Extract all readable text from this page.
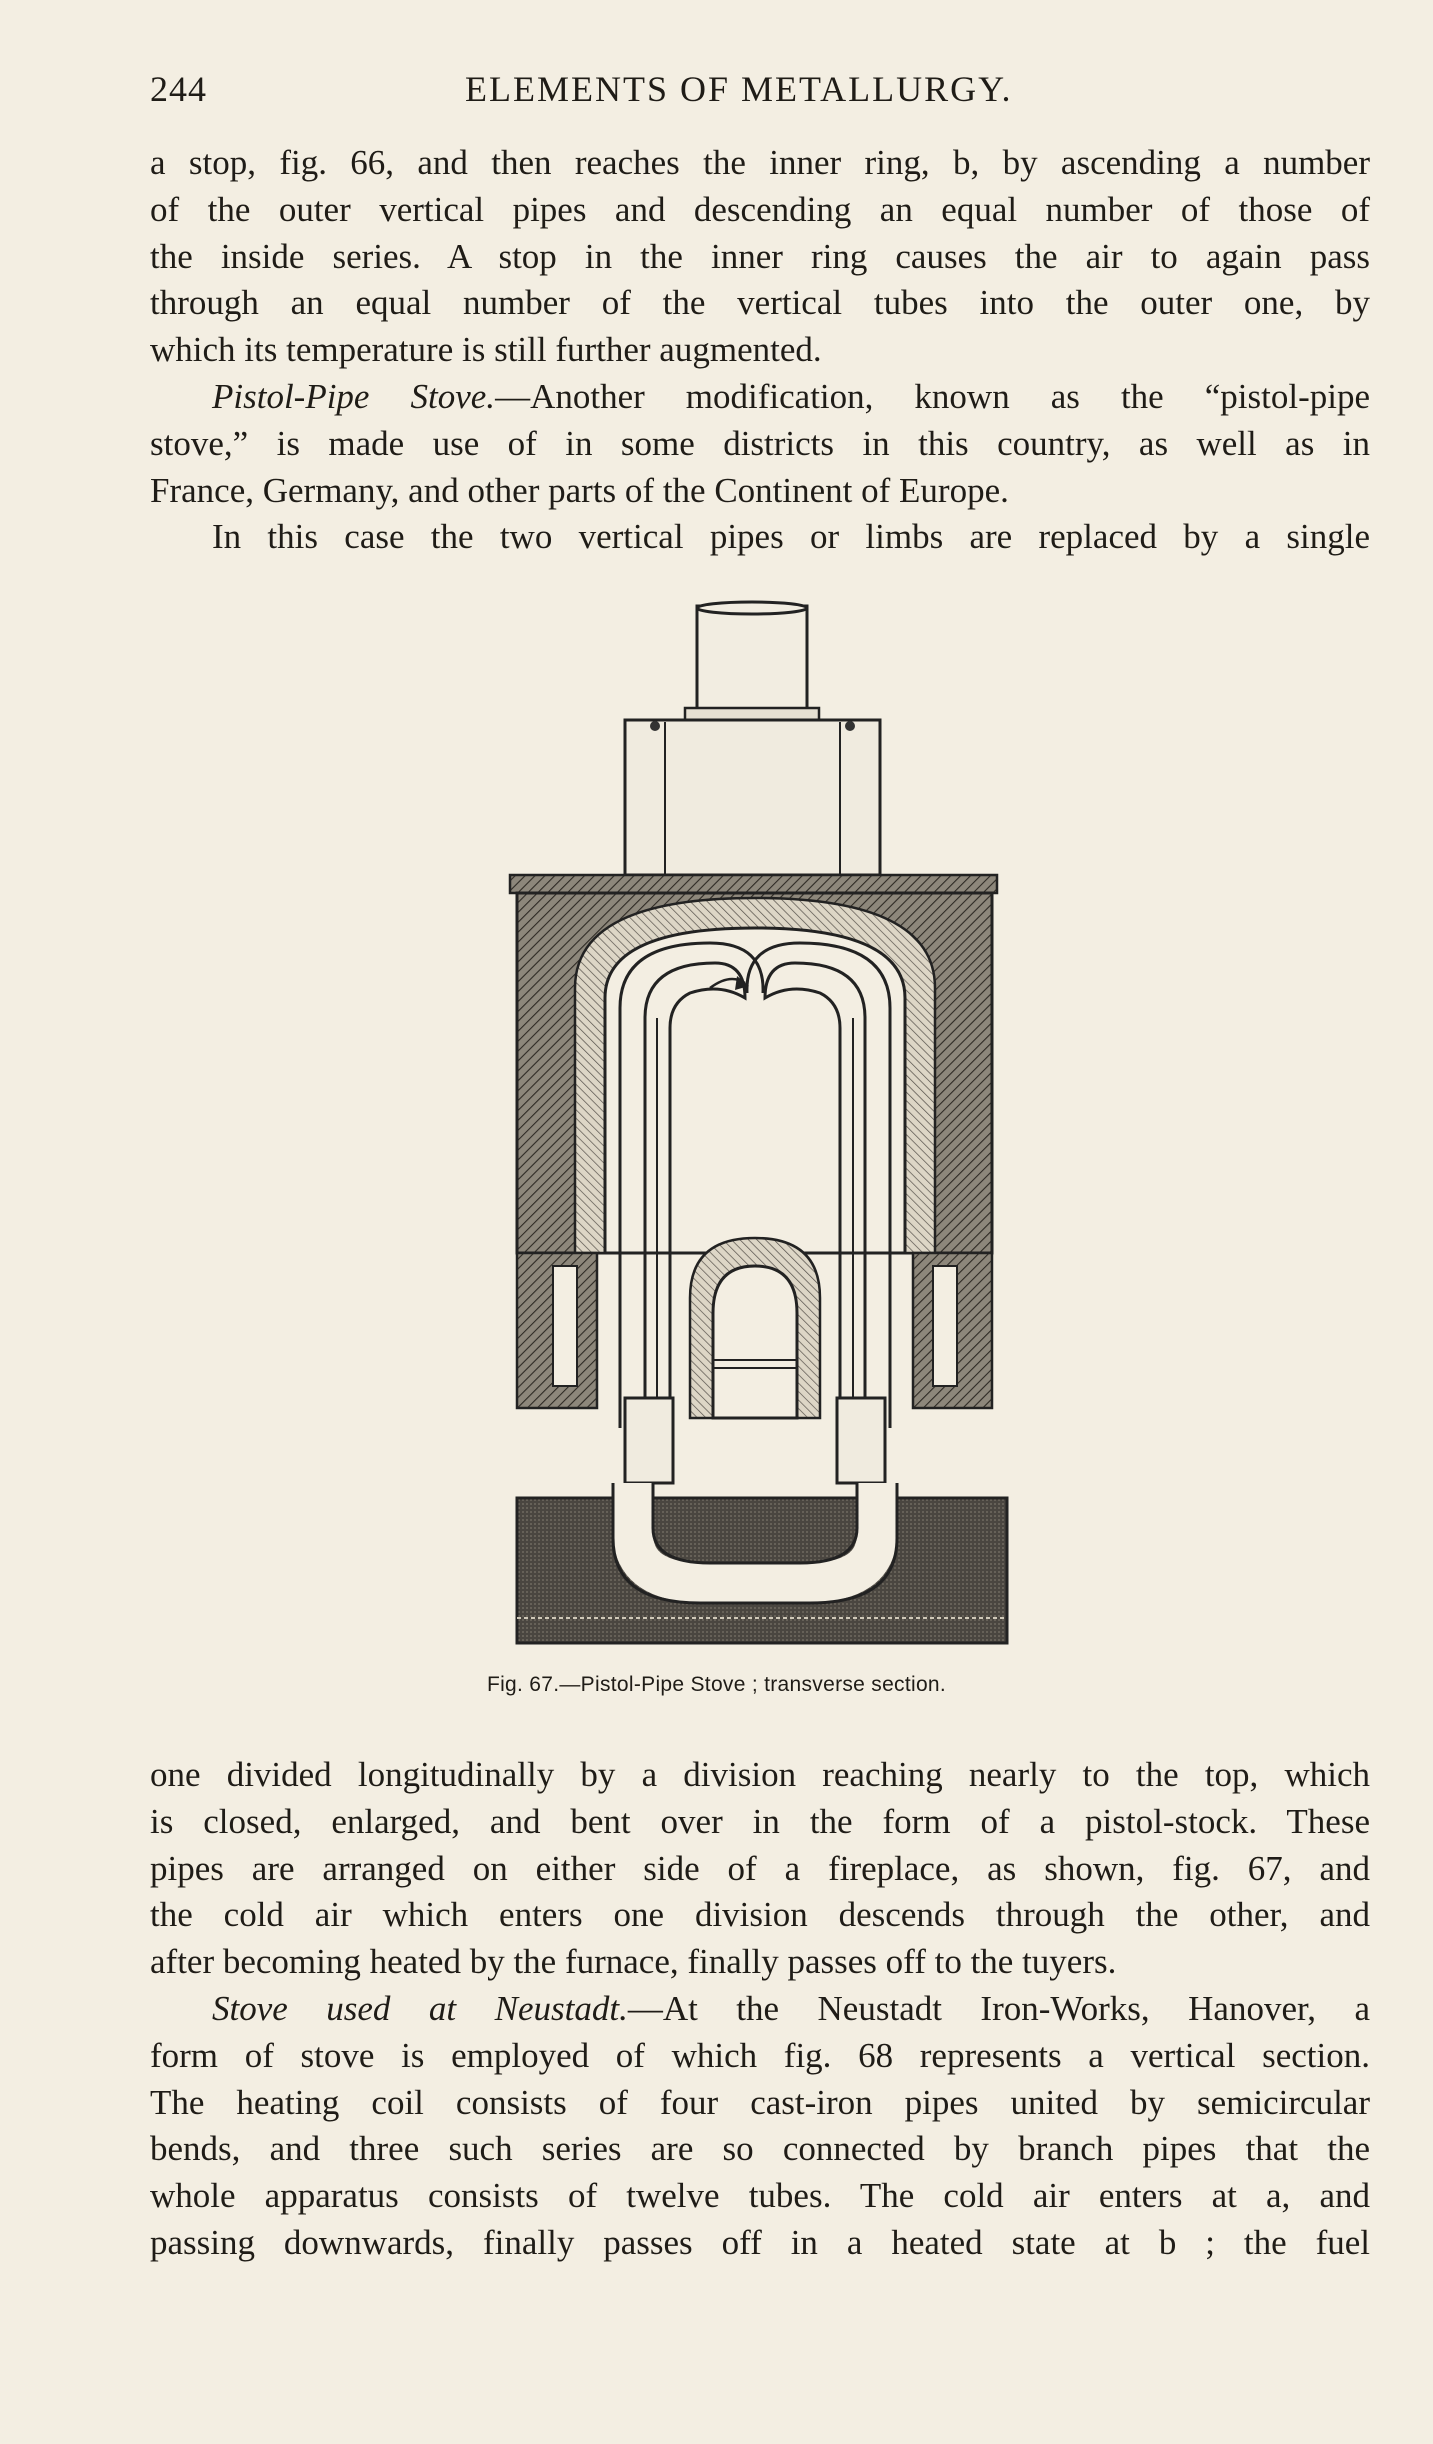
244	ELEMENTS OF METALLURGY.
a stop, fig. 66, and then reaches the inner ring, b, by ascending a number
of the outer vertical pipes and descending an equal number of those of
the inside series. A stop in the inner ring causes the air to again pass
through an equal number of the vertical tubes into the outer one, by
which its temperature is still further augmented.
Pistol-Pipe Stove.—Another modification, known as the “pistol-pipe
stove,” is made use of in some districts in this country, as well as in
France, Germany, and other parts of the Continent of Europe.
In this case the two vertical pipes or limbs are replaced by a single
Fig. 67.—Pistol-Pipe Stove ; transverse section.
one divided longitudinally by a division reaching nearly to the top, which
is closed, enlarged, and bent over in the form of a pistol-stock. These
pipes are arranged on either side of a fireplace, as shown, fig. 67, and
the cold air which enters one division descends through the other, and
after becoming heated by the furnace, finally passes off to the tuyers.
Stove used at Neustadt.—At the Neustadt Iron-Works, Hanover, a
form of stove is employed of which fig. 68 represents a vertical section.
The heating coil consists of four cast-iron pipes united by semicircular
bends, and three such series are so connected by branch pipes that the
whole apparatus consists of twelve tubes. The cold air enters at a, and
passing downwards, finally passes off in a heated state at b ; the fuel
